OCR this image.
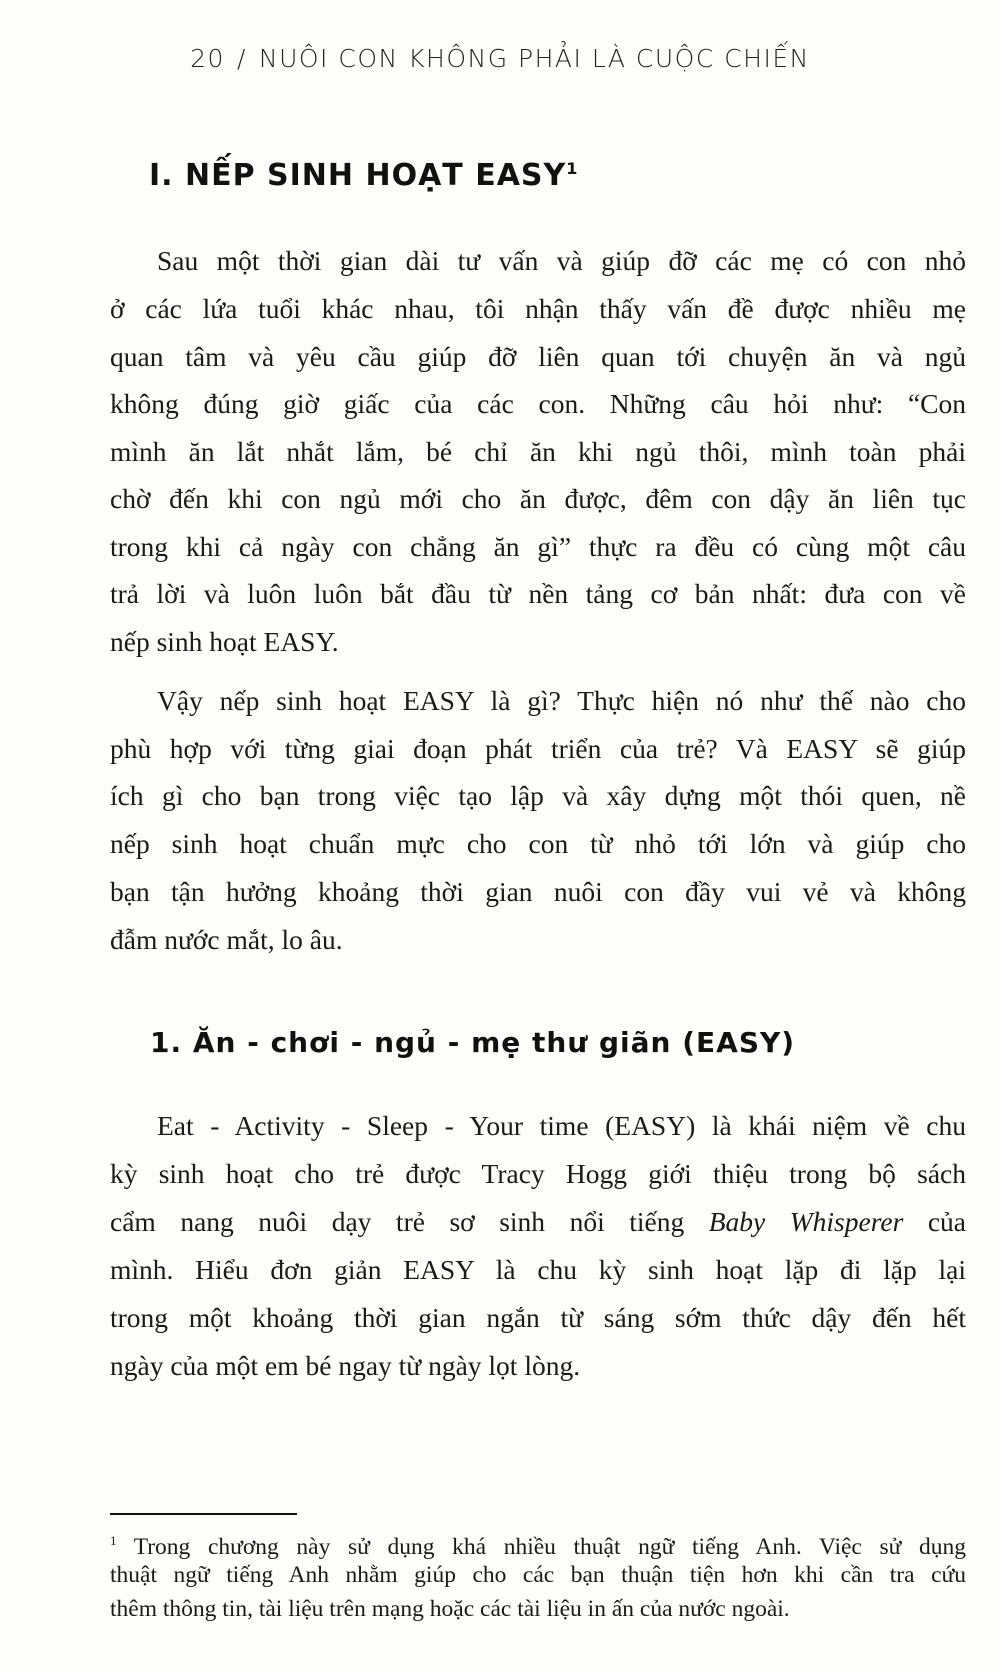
20 / NUÔI CON KHÔNG PHẢI LÀ CUỘC CHIẾN
I. NẾP SINH HOẠT EASY$^1$
Sau một thời gian dài tư vấn và giúp đỡ các mẹ có con nhỏ
ở các lứa tuổi khác nhau, tôi nhận thấy vấn đề được nhiều mẹ
quan tâm và yêu cầu giúp đỡ liên quan tới chuyện ăn và ngủ
không đúng giờ giấc của các con. Những câu hỏi như: “Con
mình ăn lắt nhắt lắm, bé chỉ ăn khi ngủ thôi, mình toàn phải
chờ đến khi con ngủ mới cho ăn được, đêm con dậy ăn liên tục
trong khi cả ngày con chẳng ăn gì” thực ra đều có cùng một câu
trả lời và luôn luôn bắt đầu từ nền tảng cơ bản nhất: đưa con về
nếp sinh hoạt EASY.
Vậy nếp sinh hoạt EASY là gì? Thực hiện nó như thế nào cho
phù hợp với từng giai đoạn phát triển của trẻ? Và EASY sẽ giúp
ích gì cho bạn trong việc tạo lập và xây dựng một thói quen, nề
nếp sinh hoạt chuẩn mực cho con từ nhỏ tới lớn và giúp cho
bạn tận hưởng khoảng thời gian nuôi con đầy vui vẻ và không
đẫm nước mắt, lo âu.
1. Ăn - chơi - ngủ - mẹ thư giãn (EASY)
Eat - Activity - Sleep - Your time (EASY) là khái niệm về chu
kỳ sinh hoạt cho trẻ được Tracy Hogg giới thiệu trong bộ sách
cẩm nang nuôi dạy trẻ sơ sinh nổi tiếng Baby Whisperer của
mình. Hiểu đơn giản EASY là chu kỳ sinh hoạt lặp đi lặp lại
trong một khoảng thời gian ngắn từ sáng sớm thức dậy đến hết
ngày của một em bé ngay từ ngày lọt lòng.
$^1$ Trong chương này sử dụng khá nhiều thuật ngữ tiếng Anh. Việc sử dụng
thuật ngữ tiếng Anh nhằm giúp cho các bạn thuận tiện hơn khi cần tra cứu
thêm thông tin, tài liệu trên mạng hoặc các tài liệu in ấn của nước ngoài.
